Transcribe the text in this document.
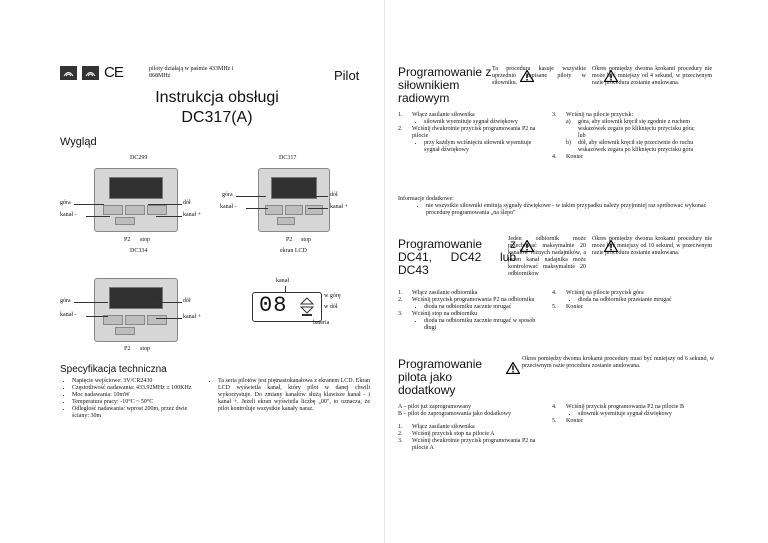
CE	piloty działają w paśmie 433MHz i 868MHz	Pilot
Instrukcja obsługi
DC317(A)
Wygląd
DC299
góra	dół
kanał -	kanał +
P2 stop
DC334
DC317
góra	dół
kanał -	kanał +
P2 stop
ekran LCD
góra	dół
kanał -	kanał +
P2 stop
kanał
08	w górę
w dół
bateria
Specyfikacja techniczna
• Napięcie wejściowe: 3V/CR2430
• Częstotliwość nadawania: 433.92MHz ± 100KHz
• Moc nadawania: 10mW
• Temperatura pracy: -10°C ~ 50°C
• Odległość nadawania: wprost 200m, przez dwie ściany: 30m
• Ta seria pilotów jest piętnastokanałowa z ekranem LCD. Ekran LCD wyświetla kanał, który pilot w danej chwili wykorzystuje. Do zmiany kanałów służą klawisze kanał - i kanał +. Jeżeli ekran wyświetla liczbę „00", to oznacza, że pilot kontroluje wszystkie kanały naraz.
Programowanie z siłownikiem radiowym
Ta procedura kasuje wszystkie uprzednio zapisane piloty w siłowniku.
Okres pomiędzy dwoma krokami procedury nie może być mniejszy od 4 sekund, w przeciwnym razie procedura zostanie anulowana.
1.	Włącz zasilanie siłownika
• siłownik wyemituje sygnał dźwiękowy
2.	Wciśnij dwukrotnie przycisk programowania P2 na pilocie
• przy każdym wciśnięciu siłownik wyemituje sygnał dźwiękowy
3.	Wciśnij na pilocie przycisk:
a)	góra, aby siłownik kręcił się zgodnie z ruchem wskazówek zegara po kliknięciu przycisku góra;
lub
b)	dół, aby siłownik kręcił się przeciwnie do ruchu wskazówek zegara po kliknięciu przycisku góra
4.	Koniec
Informacje dodatkowe:
• nie wszystkie siłowniki emitują sygnały dźwiękowe - w takim przypadku należy przyjmniej raz spróbować wykonać procedurę programowania „na ślepo"
Programowanie z DC41, DC42 lub DC43
Jeden odbiornik może przechować maksymalnie 20 kanałów różnych nadajników, a jeden kanał nadajnika może kontrolować maksymalnie 20 odbiorników
Okres pomiędzy dwoma krokami procedury nie może być mniejszy od 10 sekund, w przeciwnym razie procedura zostanie anulowana.
1.	Włącz zasilanie odbiornika
2.	Wciśnij przycisk programowania P2 na odbiorniku
• dioda na odbiorniku zacznie mrugać
3.	Wciśnij stop na odbiorniku
• dioda na odbiorniku zacznie mrugać w sposób długi
4.	Wciśnij na pilocie przycisk góra
• dioda na odbiorniku przestanie mrugać
5.	Koniec
Programowanie pilota jako dodatkowy
Okres pomiędzy dwoma krokami procedury musi być mniejszy od 6 sekund, w przeciwnym razie procedura zostanie anulowana.
A – pilot już zaprogramowany
B – pilot do zaprogramowania jako dodatkowy
1.	Włącz zasilanie siłownika
2.	Wciśnij przycisk stop na pilocie A
3.	Wciśnij dwukrotnie przycisk programowania P2 na pilocie A
4.	Wciśnij przycisk programowania P2 na pilocie B
• siłownik wyemituje sygnał dźwiękowy
5.	Koniec
